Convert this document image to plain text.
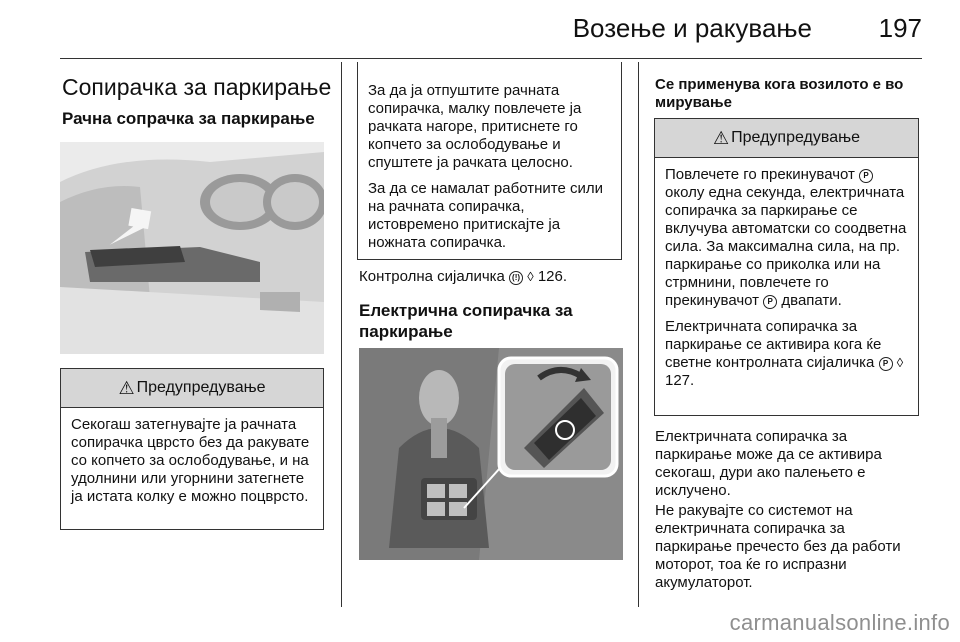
Возење и ракување	197
Сопирачка за паркирање
Рачна сопрачка за паркирање
⚠ Предупредување

Секогаш затегнувајте ја рачната сопирачка цврсто без да ракувате со копчето за ослободување, и на удолнини или угорнини затегнете ја истата колку е можно поцврсто.

За да ја отпуштите рачната сопирачка, малку повлечете ја рачката нагоре, притиснете го копчето за ослободување и спуштете ја рачката целосно.

За да се намалат работните сили на рачната сопирачка, истовремено притискајте ја ножната сопирачка.

Контролна сијаличка (!) ◊ 126.

Електрична сопирачка за паркирање
Се применува кога возилото е во мирување
⚠ Предупредување

Повлечете го прекинувачот P околу една секунда, електричната сопирачка за паркирање се вклучува автоматски со соодветна сила. За максимална сила, на пр. паркирање со приколка или на стрмнини, повлечете го прекинувачот P двапати.

Електричната сопирачка за паркирање се активира кога ќе светне контролната сијаличка P ◊ 127.

Електричната сопирачка за паркирање може да се активира секогаш, дури ако палењето е исклучено.

Не ракувајте со системот на електричната сопирачка за паркирање пречесто без да работи моторот, тоа ќе го испразни акумулаторот.

carmanualsonline.info
